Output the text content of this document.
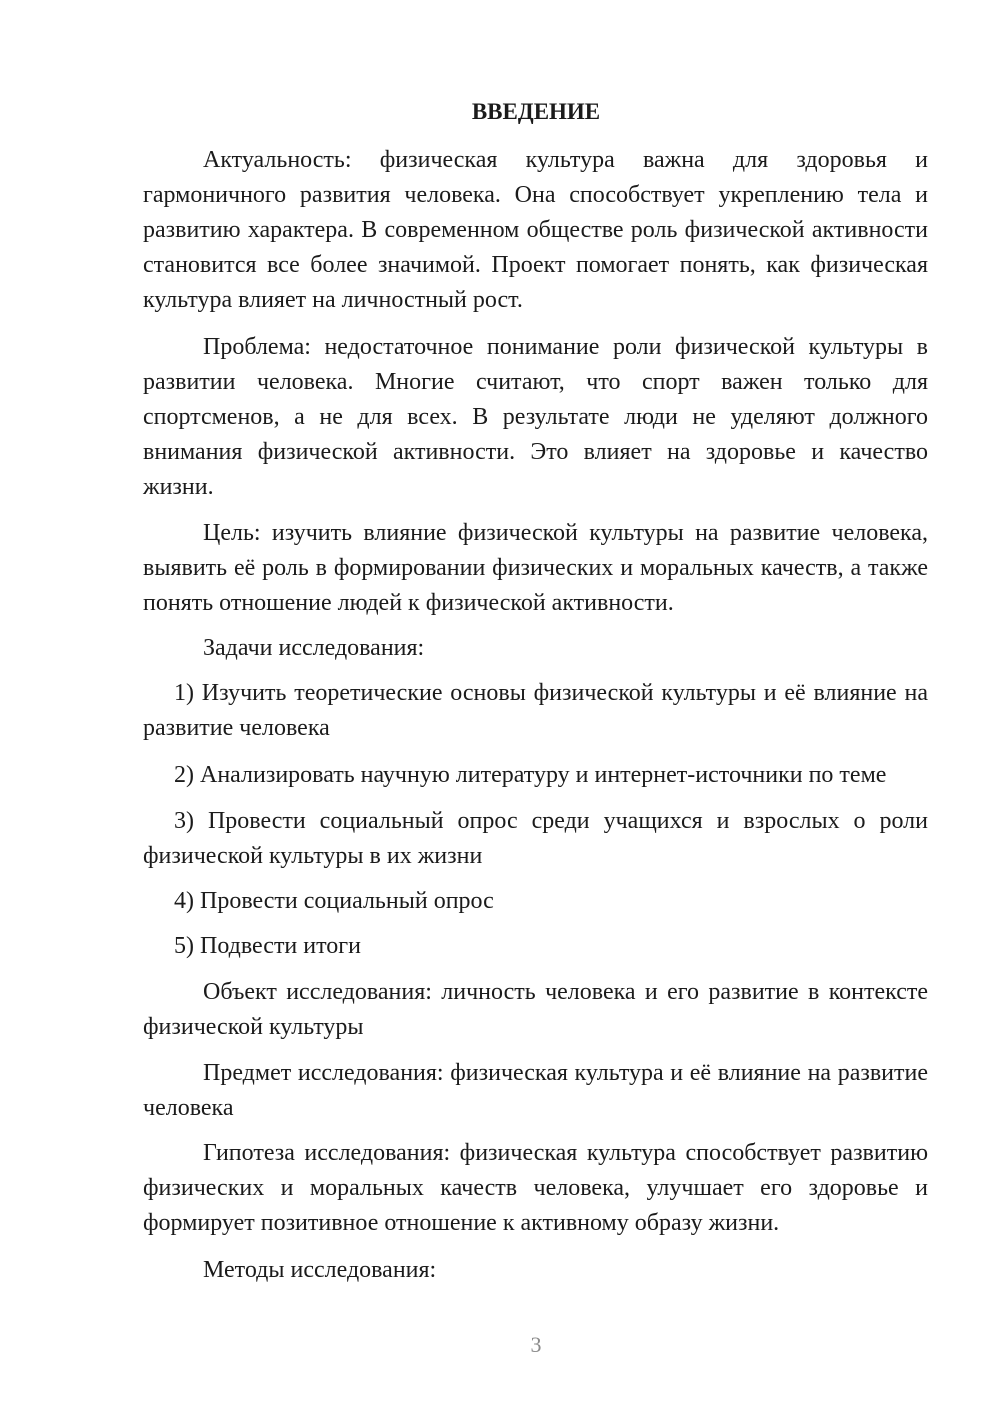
ВВЕДЕНИЕ

Актуальность: физическая культура важна для здоровья и гармоничного развития человека. Она способствует укреплению тела и развитию характера. В современном обществе роль физической активности становится все более значимой. Проект помогает понять, как физическая культура влияет на личностный рост.

Проблема: недостаточное понимание роли физической культуры в развитии человека. Многие считают, что спорт важен только для спортсменов, а не для всех. В результате люди не уделяют должного внимания физической активности. Это влияет на здоровье и качество жизни.

Цель: изучить влияние физической культуры на развитие человека, выявить её роль в формировании физических и моральных качеств, а также понять отношение людей к физической активности.

Задачи исследования:

1) Изучить теоретические основы физической культуры и её влияние на развитие человека

2) Анализировать научную литературу и интернет-источники по теме

3) Провести социальный опрос среди учащихся и взрослых о роли физической культуры в их жизни

4) Провести социальный опрос

5) Подвести итоги

Объект исследования: личность человека и его развитие в контексте физической культуры

Предмет исследования: физическая культура и её влияние на развитие человека

Гипотеза исследования: физическая культура способствует развитию физических и моральных качеств человека, улучшает его здоровье и формирует позитивное отношение к активному образу жизни.

Методы исследования:

3
